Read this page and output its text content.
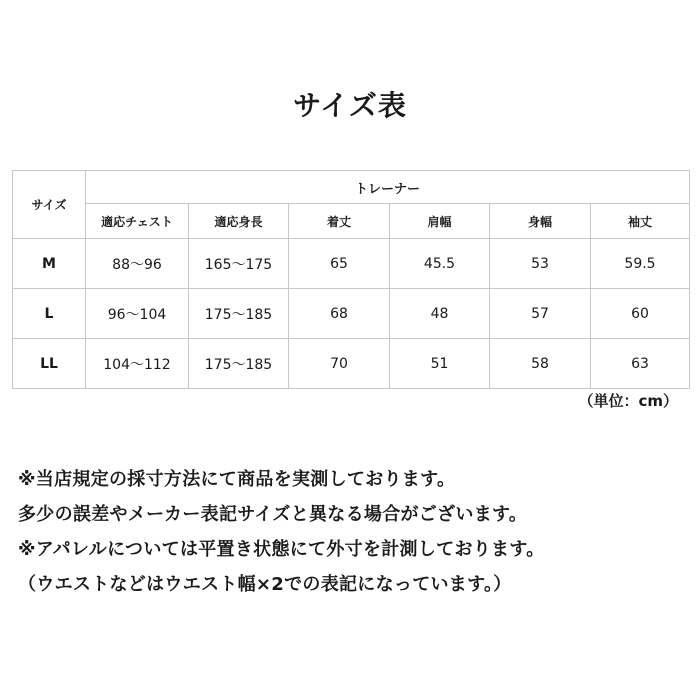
サイズ表
サイズ	トレーナー					
	適応チェスト	適応身長	着丈	肩幅	身幅	袖丈
M	88〜96	165〜175	65	45.5	53	59.5
L	96〜104	175〜185	68	48	57	60
LL	104〜112	175〜185	70	51	58	63
（単位：cm）
※当店規定の採寸方法にて商品を実測しております。
多少の誤差やメーカー表記サイズと異なる場合がございます。
※アパレルについては平置き状態にて外寸を計測しております。
（ウエストなどはウエスト幅×2での表記になっています。）
